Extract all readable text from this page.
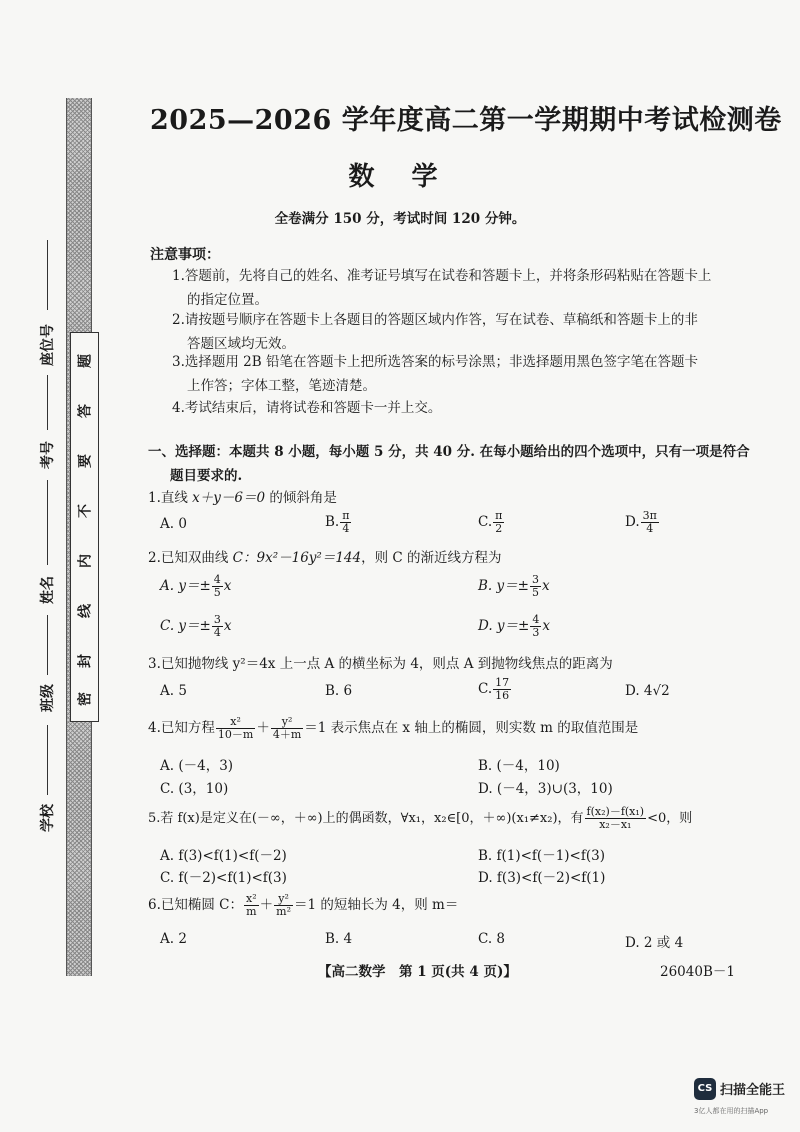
题
答
要
不
内
线
封
密
座位号
考号
姓名
班级
学校
2025—2026 学年度高二第一学期期中考试检测卷
数 学
全卷满分 150 分，考试时间 120 分钟。
注意事项：
1.答题前，先将自己的姓名、准考证号填写在试卷和答题卡上，并将条形码粘贴在答题卡上
的指定位置。
2.请按题号顺序在答题卡上各题目的答题区域内作答，写在试卷、草稿纸和答题卡上的非
答题区域均无效。
3.选择题用 2B 铅笔在答题卡上把所选答案的标号涂黑；非选择题用黑色签字笔在答题卡
上作答；字体工整，笔迹清楚。
4.考试结束后，请将试卷和答题卡一并上交。
一、选择题：本题共 8 小题，每小题 5 分，共 40 分. 在每小题给出的四个选项中，只有一项是符合
题目要求的.
1.直线 x＋y－6＝0 的倾斜角是
A. 0	B. $\frac{\pi}{4}$	C. $\frac{\pi}{2}$	D. $\frac{3\pi}{4}$
2.已知双曲线 C：9x²－16y²＝144，则 C 的渐近线方程为
A. $y=\pm \frac{4}{5}$ x	B. $y=\pm \frac{3}{5}$ x
C. $y=\pm \frac{3}{4}$ x	D. $y=\pm \frac{4}{3}$ x
3.已知抛物线 y²＝4x 上一点 A 的横坐标为 4，则点 A 到抛物线焦点的距离为
A. 5	B. 6	C. $\frac{17}{16}$	D. 4√2
4.已知方程 $\frac{\text{x²}}{10-m} + \frac{\text{y²}}{4+m} =1$ 表示焦点在 x 轴上的椭圆，则实数 m 的取值范围是
A. (－4，3)	B. (－4，10)
C. (3，10)	D. (－4，3)∪(3，10)
5.若 f(x)是定义在(－∞，＋∞)上的偶函数，∀x₁，x₂∈[0，＋∞)(x₁≠x₂)，有 $\frac{\text{f(x₂)－f(x₁)}}{\text{x₂－x₁}} <0$，则
A. f(3)<f(1)<f(－2)	B. f(1)<f(－1)<f(3)
C. f(－2)<f(1)<f(3)	D. f(3)<f(－2)<f(1)
6.已知椭圆 C： $\frac{\text{x²}}{m} + \frac{\text{y²}}{\text{m²}} =1$ 的短轴长为 4，则 m＝
A. 2	B. 4	C. 8	D. 2 或 4
【高二数学　第 1 页(共 4 页)】	26040B－1
CS 扫描全能王
3亿人都在用的扫描App
